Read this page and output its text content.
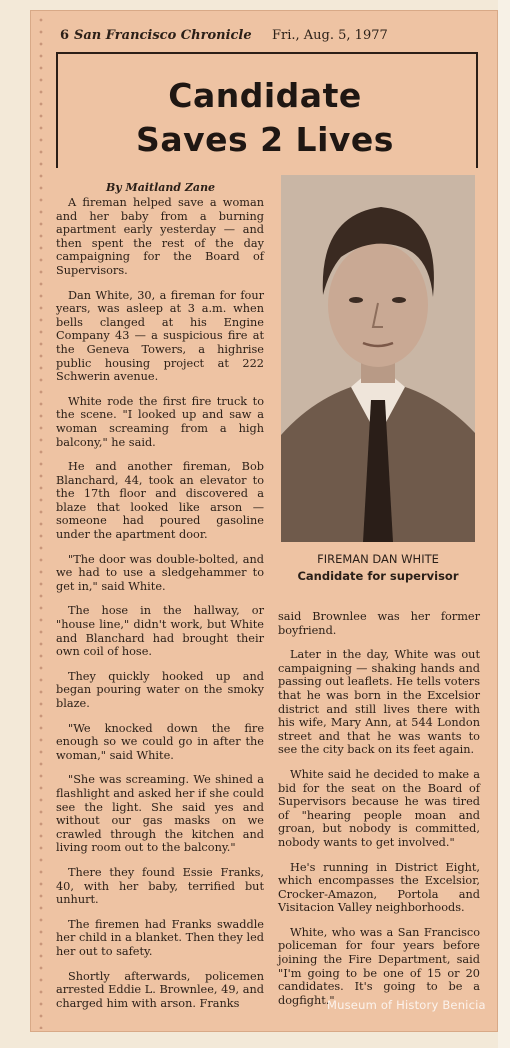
6 San Francisco Chronicle Fri., Aug. 5, 1977
Candidate
Saves 2 Lives
By Maitland Zane

A fireman helped save a woman and her baby from a burning apartment early yesterday — and then spent the rest of the day campaigning for the Board of Supervisors.

Dan White, 30, a fireman for four years, was asleep at 3 a.m. when bells clanged at his Engine Company 43 — a suspicious fire at the Geneva Towers, a highrise public housing project at 222 Schwerin avenue.

White rode the first fire truck to the scene. "I looked up and saw a woman screaming from a high balcony," he said.

He and another fireman, Bob Blanchard, 44, took an elevator to the 17th floor and discovered a blaze that looked like arson — someone had poured gasoline under the apartment door.

"The door was double-bolted, and we had to use a sledgehammer to get in," said White.

The hose in the hallway, or "house line," didn't work, but White and Blanchard had brought their own coil of hose.

They quickly hooked up and began pouring water on the smoky blaze.

"We knocked down the fire enough so we could go in after the woman," said White.

"She was screaming. We shined a flashlight and asked her if she could see the light. She said yes and without our gas masks on we crawled through the kitchen and living room out to the balcony."

There they found Essie Franks, 40, with her baby, terrified but unhurt.

The firemen had Franks swaddle her child in a blanket. Then they led her out to safety.

Shortly afterwards, policemen arrested Eddie L. Brownlee, 49, and charged him with arson. Franks

FIREMAN DAN WHITE
Candidate for supervisor

said Brownlee was her former boyfriend.

Later in the day, White was out campaigning — shaking hands and passing out leaflets. He tells voters that he was born in the Excelsior district and still lives there with his wife, Mary Ann, at 544 London street and that he was wants to see the city back on its feet again.

White said he decided to make a bid for the seat on the Board of Supervisors because he was tired of "hearing people moan and groan, but nobody is committed, nobody wants to get involved."

He's running in District Eight, which encompasses the Excelsior, Crocker-Amazon, Portola and Visitacion Valley neighborhoods.

White, who was a San Francisco policeman for four years before joining the Fire Department, said "I'm going to be one of 15 or 20 candidates. It's going to be a dogfight."

Museum of History Benicia
